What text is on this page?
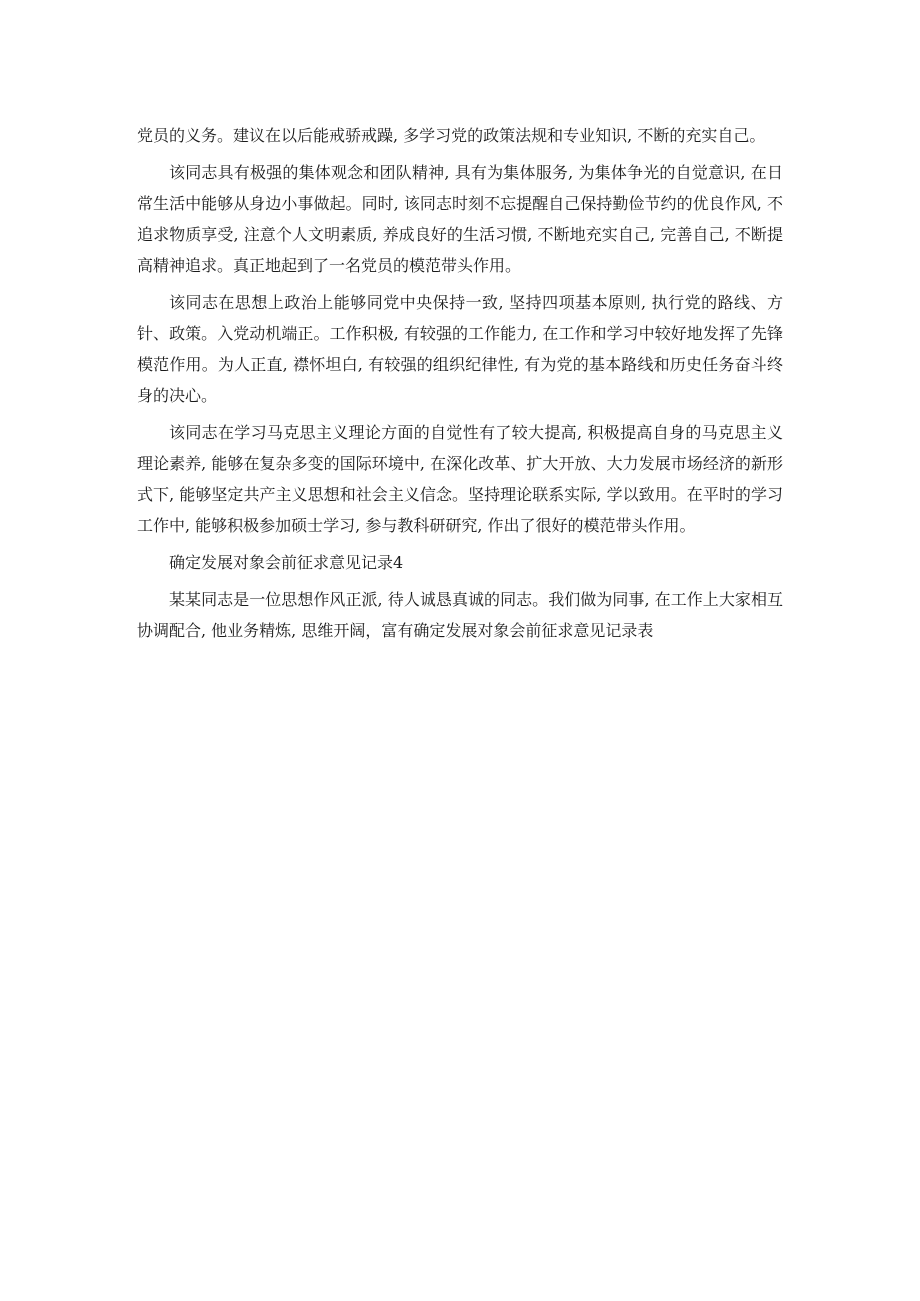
党员的义务。建议在以后能戒骄戒躁, 多学习党的政策法规和专业知识, 不断的充实自己。

该同志具有极强的集体观念和团队精神, 具有为集体服务, 为集体争光的自觉意识, 在日常生活中能够从身边小事做起。同时, 该同志时刻不忘提醒自己保持勤俭节约的优良作风, 不追求物质享受, 注意个人文明素质, 养成良好的生活习惯, 不断地充实自己, 完善自己, 不断提高精神追求。真正地起到了一名党员的模范带头作用。

该同志在思想上政治上能够同党中央保持一致, 坚持四项基本原则, 执行党的路线、方针、政策。入党动机端正。工作积极, 有较强的工作能力, 在工作和学习中较好地发挥了先锋模范作用。为人正直, 襟怀坦白, 有较强的组织纪律性, 有为党的基本路线和历史任务奋斗终身的决心。

该同志在学习马克思主义理论方面的自觉性有了较大提高, 积极提高自身的马克思主义理论素养, 能够在复杂多变的国际环境中, 在深化改革、扩大开放、大力发展市场经济的新形式下, 能够坚定共产主义思想和社会主义信念。坚持理论联系实际, 学以致用。在平时的学习工作中, 能够积极参加硕士学习, 参与教科研研究, 作出了很好的模范带头作用。

确定发展对象会前征求意见记录4

某某同志是一位思想作风正派, 待人诚恳真诚的同志。我们做为同事, 在工作上大家相互协调配合, 他业务精炼, 思维开阔，富有确定发展对象会前征求意见记录表
